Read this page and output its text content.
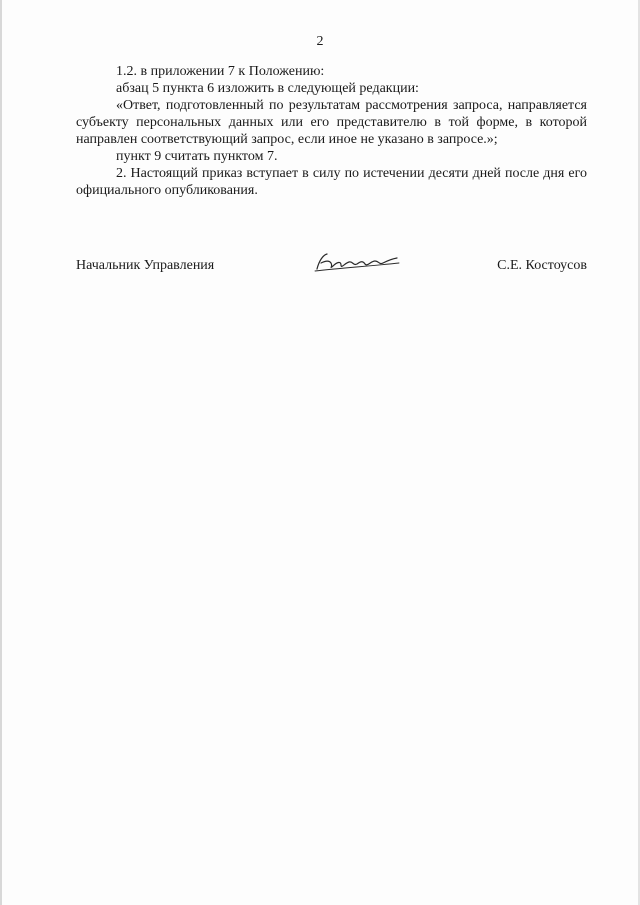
2

1.2. в приложении 7 к Положению:

абзац 5 пункта 6 изложить в следующей редакции:

«Ответ, подготовленный по результатам рассмотрения запроса, направляется субъекту персональных данных или его представителю в той форме, в которой направлен соответствующий запрос, если иное не указано в запросе.»;

пункт 9 считать пунктом 7.

2. Настоящий приказ вступает в силу по истечении десяти дней после дня его официального опубликования.

Начальник Управления	С.Е. Костоусов
